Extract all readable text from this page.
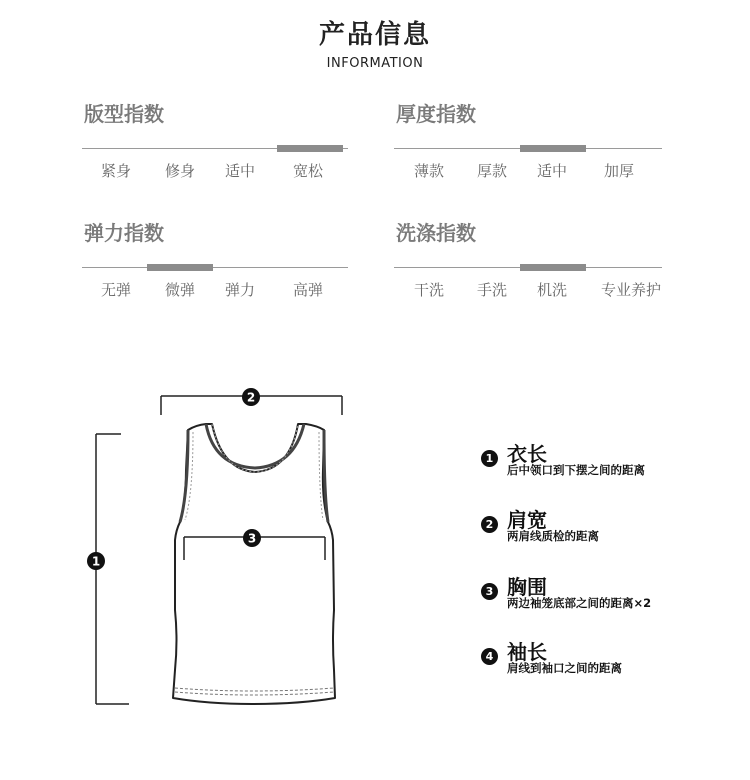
产品信息
INFORMATION
版型指数
紧身	修身	适中	宽松
厚度指数
薄款	厚款	适中	加厚
弹力指数
无弹	微弹	弹力	高弹
洗涤指数
干洗	手洗	机洗	专业养护
2
1
3
1 衣长
后中领口到下摆之间的距离
2 肩宽
两肩线质检的距离
3 胸围
两边袖笼底部之间的距离×2
4 袖长
肩线到袖口之间的距离
